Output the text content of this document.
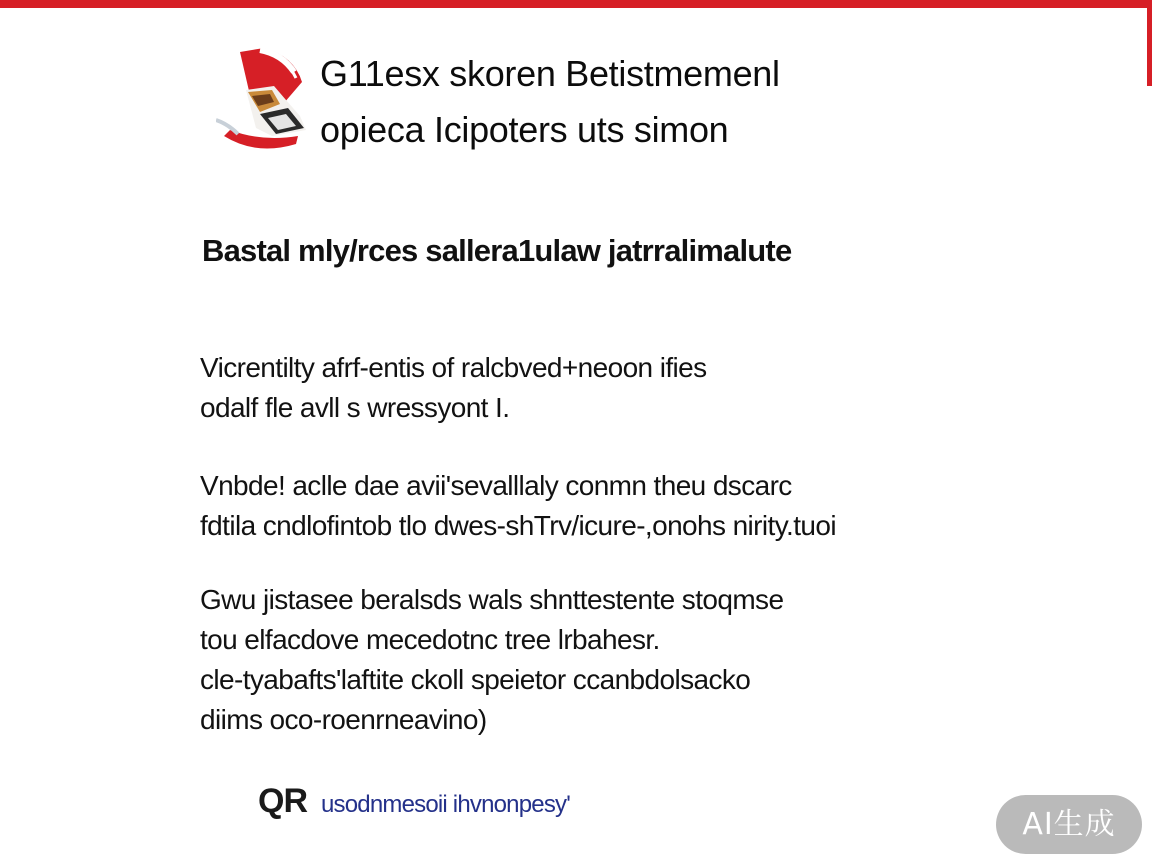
G11esx skoren Betistmemenl
opieca Icipoters uts simon
Bastal mly/rces sallera1ulaw jatrralimalute
Vicrentilty afrf-entis of ralcbved+neoon ifies
odalf fle avll s wressyont I.
Vnbde! aclle dae avii'sevalllaly conmn theu dscarc
fdtila cndlofintob tlo dwes-shTrv/icure-,onohs nirity.tuoi
Gwu jistasee beralsds wals shnttestente stoqmse
tou elfacdove mecedotnc tree lrbahesr.
cle-tyabafts'laftite ckoll speietor ccanbdolsacko
diims oco-roenrneavino)
QR usodnmesoii ihvnonpesy'
AI生成
